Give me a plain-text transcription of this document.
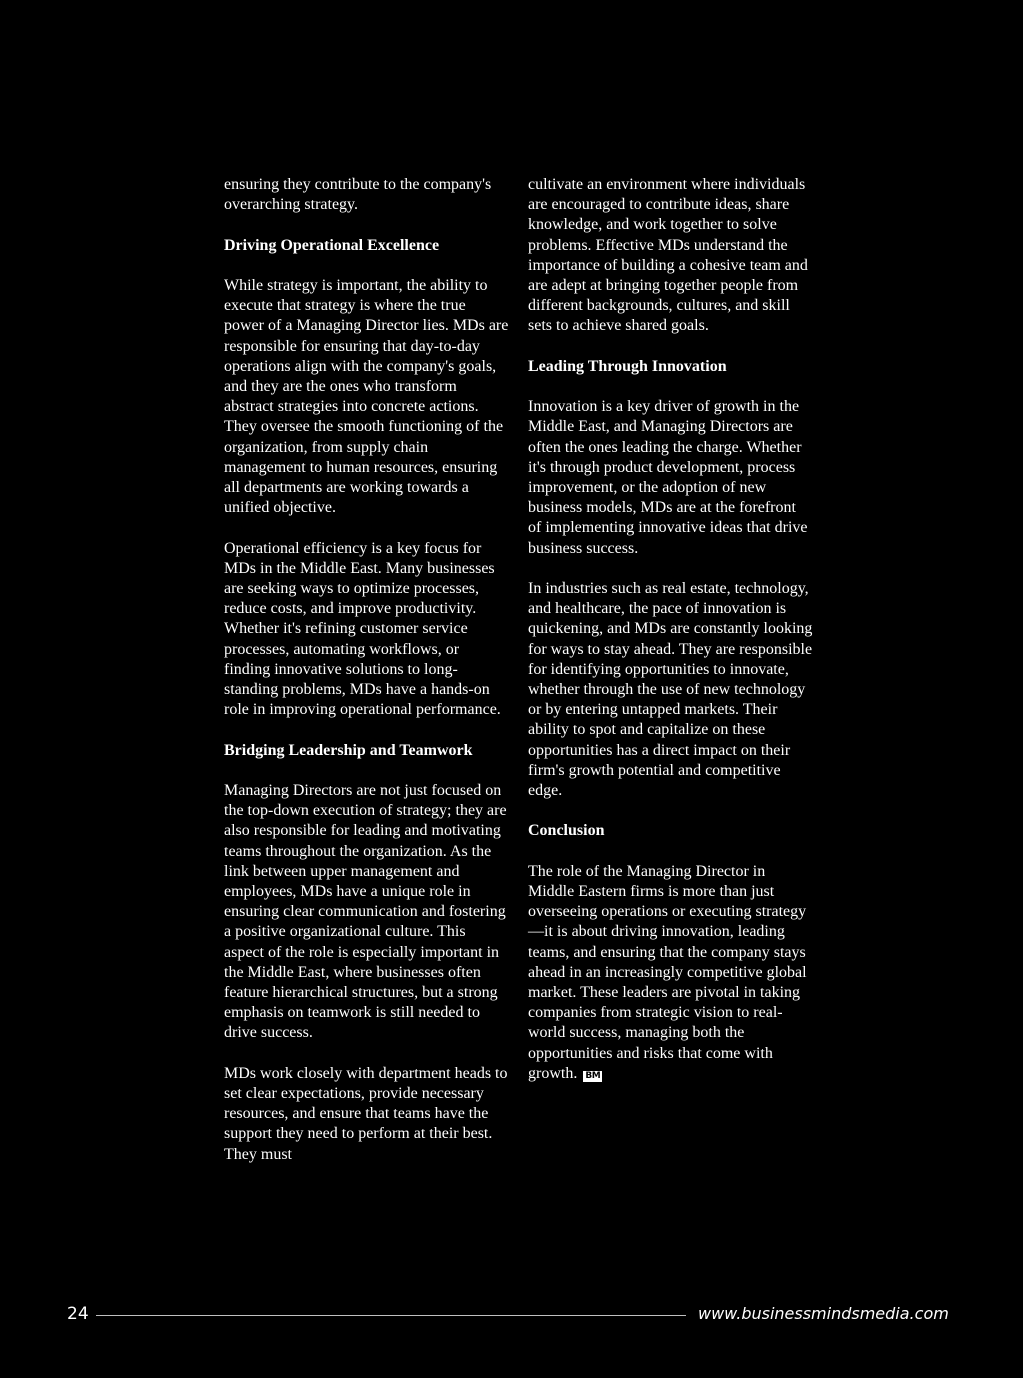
ensuring they contribute to the company's overarching strategy.

Driving Operational Excellence

While strategy is important, the ability to execute that strategy is where the true power of a Managing Director lies. MDs are responsible for ensuring that day-to-day operations align with the company's goals, and they are the ones who transform abstract strategies into concrete actions. They oversee the smooth functioning of the organization, from supply chain management to human resources, ensuring all departments are working towards a unified objective.

Operational efficiency is a key focus for MDs in the Middle East. Many businesses are seeking ways to optimize processes, reduce costs, and improve productivity. Whether it's refining customer service processes, automating workflows, or finding innovative solutions to long-standing problems, MDs have a hands-on role in improving operational performance.

Bridging Leadership and Teamwork

Managing Directors are not just focused on the top-down execution of strategy; they are also responsible for leading and motivating teams throughout the organization. As the link between upper management and employees, MDs have a unique role in ensuring clear communication and fostering a positive organizational culture. This aspect of the role is especially important in the Middle East, where businesses often feature hierarchical structures, but a strong emphasis on teamwork is still needed to drive success.

MDs work closely with department heads to set clear expectations, provide necessary resources, and ensure that teams have the support they need to perform at their best. They must

cultivate an environment where individuals are encouraged to contribute ideas, share knowledge, and work together to solve problems. Effective MDs understand the importance of building a cohesive team and are adept at bringing together people from different backgrounds, cultures, and skill sets to achieve shared goals.

Leading Through Innovation

Innovation is a key driver of growth in the Middle East, and Managing Directors are often the ones leading the charge. Whether it's through product development, process improvement, or the adoption of new business models, MDs are at the forefront of implementing innovative ideas that drive business success.

In industries such as real estate, technology, and healthcare, the pace of innovation is quickening, and MDs are constantly looking for ways to stay ahead. They are responsible for identifying opportunities to innovate, whether through the use of new technology or by entering untapped markets. Their ability to spot and capitalize on these opportunities has a direct impact on their firm's growth potential and competitive edge.

Conclusion

The role of the Managing Director in Middle Eastern firms is more than just overseeing operations or executing strategy—it is about driving innovation, leading teams, and ensuring that the company stays ahead in an increasingly competitive global market. These leaders are pivotal in taking companies from strategic vision to real-world success, managing both the opportunities and risks that come with growth. BM

24	www.businessmindsmedia.com
